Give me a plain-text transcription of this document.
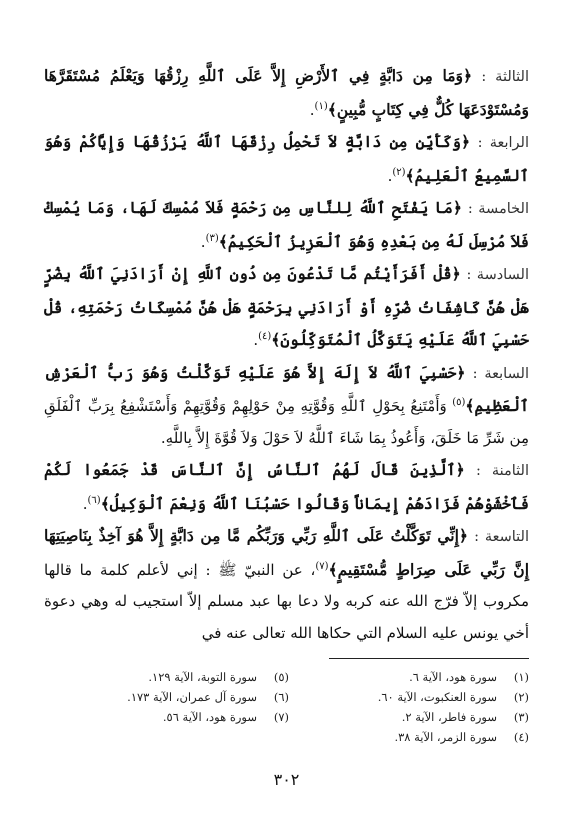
الثالثة : ﴿وَمَا مِن دَابَّةٍ فِي ٱلأَرْضِ إِلاَّ عَلَى ٱللَّهِ رِزْقُهَا وَيَعْلَمُ مُسْتَقَرَّهَا وَمُسْتَوْدَعَهَا كُلٌّ فِي كِتَابٍ مُّبِينٍ﴾$^{(١)}$.

الرابعة : ﴿وَكَأَيِّن مِن دَابَّةٍ لاَ تَحْمِلُ رِزْقَهَا ٱللَّهُ يَرْزُقُهَا وَإِيَّاكُمْ وَهُوَ ٱلسَّمِيعُ ٱلْعَلِيمُ﴾$^{(٢)}$.

الخامسة : ﴿مَا يَفْتَحِ ٱللَّهُ لِلنَّاسِ مِن رَحْمَةٍ فَلاَ مُمْسِكَ لَهَا، وَمَا يُمْسِكْ فَلاَ مُرْسِلَ لَهُ مِن بَعْدِهِ وَهُوَ ٱلْعَزِيزُ ٱلْحَكِيمُ﴾$^{(٣)}$.

السادسة : ﴿قُلْ أَفَرَأَيْتُم مَّا تَدْعُونَ مِن دُونِ ٱللَّهِ إِنْ أَرَادَنِيَ ٱللَّهُ بِضُرٍّ هَلْ هُنَّ كَاشِفَاتُ ضُرِّهِ أَوْ أَرَادَنِي بِرَحْمَةٍ هَلْ هُنَّ مُمْسِكَاتُ رَحْمَتِهِ، قُلْ حَسْبِيَ ٱللَّهُ عَلَيْهِ يَتَوَكَّلُ ٱلْمُتَوَكِّلُونَ﴾$^{(٤)}$.

السابعة : ﴿حَسْبِيَ ٱللَّهُ لاَ إِلَهَ إِلاَّ هُوَ عَلَيْهِ تَوَكَّلْتُ وَهُوَ رَبُّ ٱلْعَرْشِ ٱلْعَظِيمِ﴾$^{(٥)}$ وَأَمْتَنِعُ بِحَوْلِ ٱللَّهِ وَقُوَّتِهِ مِنْ حَوْلِهِمْ وَقُوَّتِهِمْ وَأَسْتَشْفِعُ بِرَبِّ ٱلْفَلَقِ مِن شَرِّ مَا خَلَقَ، وَأَعُوذُ بِمَا شَاءَ ٱللَّهُ لاَ حَوْلَ وَلاَ قُوَّةَ إِلاَّ بِاللَّهِ.

الثامنة : ﴿ٱلَّذِينَ قَالَ لَهُمُ ٱلنَّاسُ إِنَّ ٱلنَّاسَ قَدْ جَمَعُوا لَكُمْ فَٱخْشَوْهُمْ فَزَادَهُمْ إِيمَاناً وَقَالُوا حَسْبُنَا ٱللَّهُ وَنِعْمَ ٱلْوَكِيلُ﴾$^{(٦)}$.

التاسعة : ﴿إِنِّي تَوَكَّلْتُ عَلَى ٱللَّهِ رَبِّي وَرَبِّكُم مَّا مِن دَابَّةٍ إِلاَّ هُوَ آخِذٌ بِنَاصِيَتِهَا إِنَّ رَبِّي عَلَى صِرَاطٍ مُّسْتَقِيمٍ﴾$^{(٧)}$، عن النبيّ ﷺ : إني لأعلم كلمة ما قالها مكروب إلاّ فرّج الله عنه كربه ولا دعا بها عبد مسلم إلاّ استجيب له وهي دعوة أخي يونس عليه السلام التي حكاها الله تعالى عنه في

(١)
سورة هود، الآية ٦.
(٢)
سورة العنكبوت، الآية ٦٠.
(٣)
سورة فاطر، الآية ٢.
(٤)
سورة الزمر، الآية ٣٨.
(٥)
سورة التوبة، الآية ١٢٩.
(٦)
سورة آل عمران، الآية ١٧٣.
(٧)
سورة هود، الآية ٥٦.
٣٠٢
